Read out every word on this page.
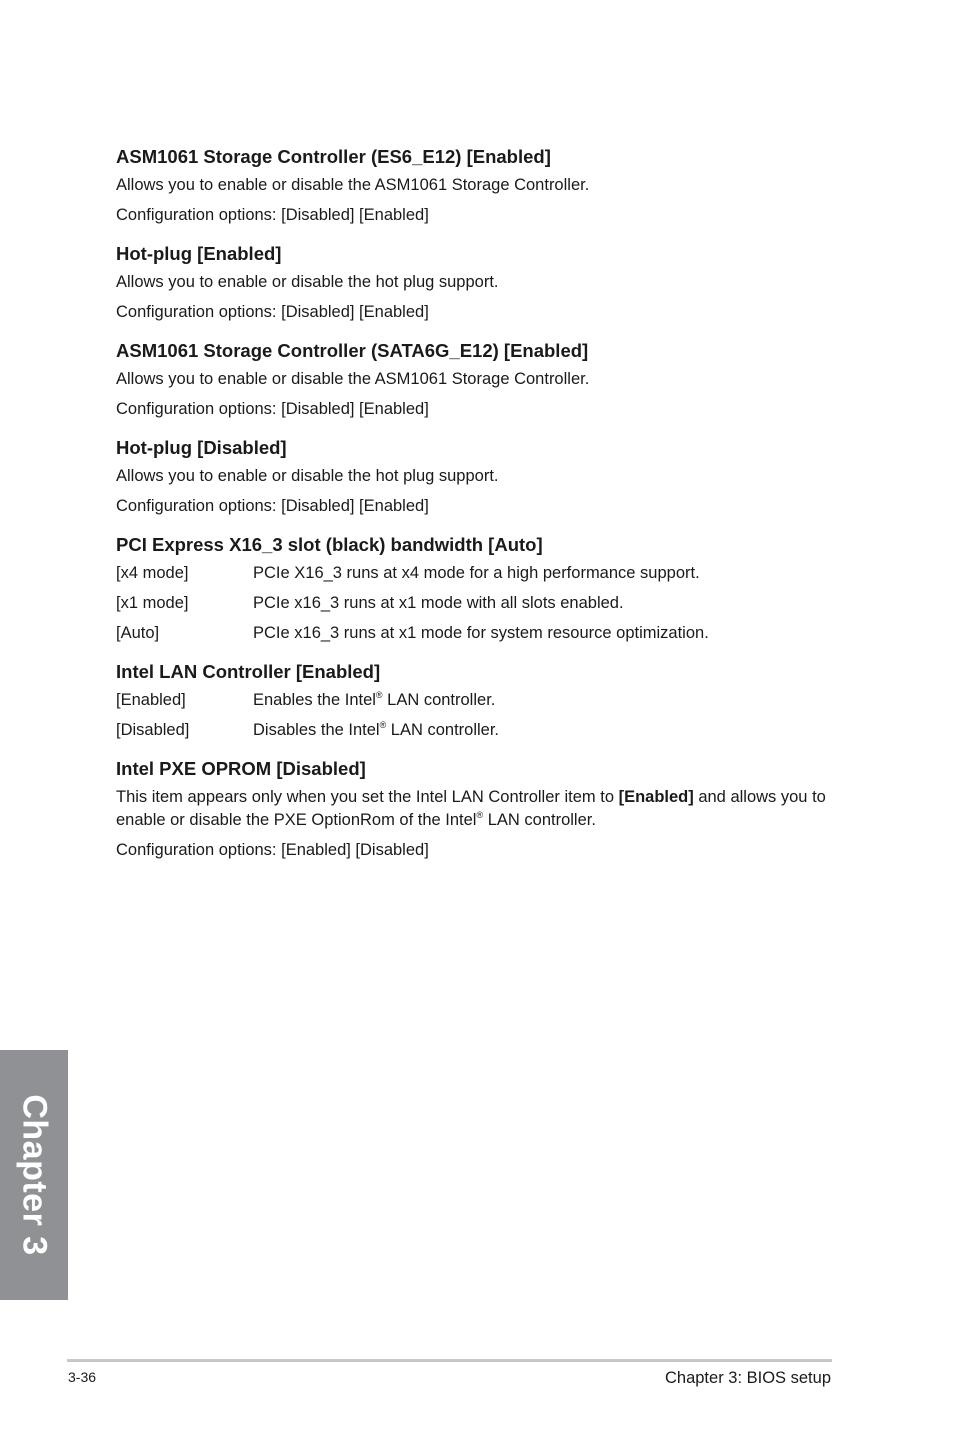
ASM1061 Storage Controller (ES6_E12) [Enabled]
Allows you to enable or disable the ASM1061 Storage Controller.
Configuration options: [Disabled] [Enabled]
Hot-plug [Enabled]
Allows you to enable or disable the hot plug support.
Configuration options: [Disabled] [Enabled]
ASM1061 Storage Controller (SATA6G_E12) [Enabled]
Allows you to enable or disable the ASM1061 Storage Controller.
Configuration options: [Disabled] [Enabled]
Hot-plug [Disabled]
Allows you to enable or disable the hot plug support.
Configuration options: [Disabled] [Enabled]
PCI Express X16_3 slot (black) bandwidth [Auto]
[x4 mode]	PCIe X16_3 runs at x4 mode for a high performance support.
[x1 mode]	PCIe x16_3 runs at x1 mode with all slots enabled.
[Auto]	PCIe x16_3 runs at x1 mode for system resource optimization.
Intel LAN Controller [Enabled]
[Enabled]	Enables the Intel® LAN controller.
[Disabled]	Disables the Intel® LAN controller.
Intel PXE OPROM [Disabled]
This item appears only when you set the Intel LAN Controller item to [Enabled] and allows you to enable or disable the PXE OptionRom of the Intel® LAN controller.
Configuration options: [Enabled] [Disabled]
Chapter 3
3-36	Chapter 3: BIOS setup
